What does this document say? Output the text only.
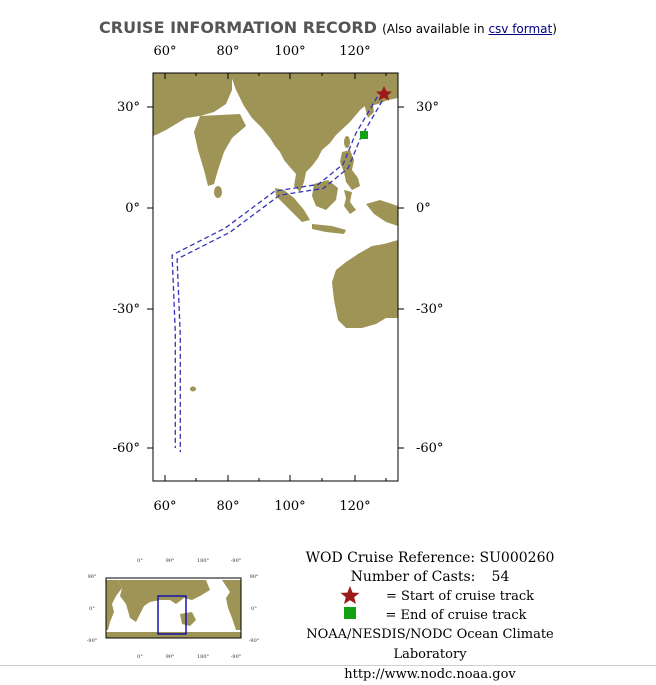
CRUISE INFORMATION RECORD (Also available in csv format)
60°	80°	100°	120°
60°	80°	100°	120°
30°
0°
-30°
-60°
30°
0°
-30°
-60°
0°	90°	180°	-90°
0°	90°	180°	-90°
90°
0°
-90°
90°
0°
-90°
WOD Cruise Reference: SU000260
Number of Casts: 54
= Start of cruise track
= End of cruise track
NOAA/NESDIS/NODC Ocean Climate Laboratory
http://www.nodc.noaa.gov
